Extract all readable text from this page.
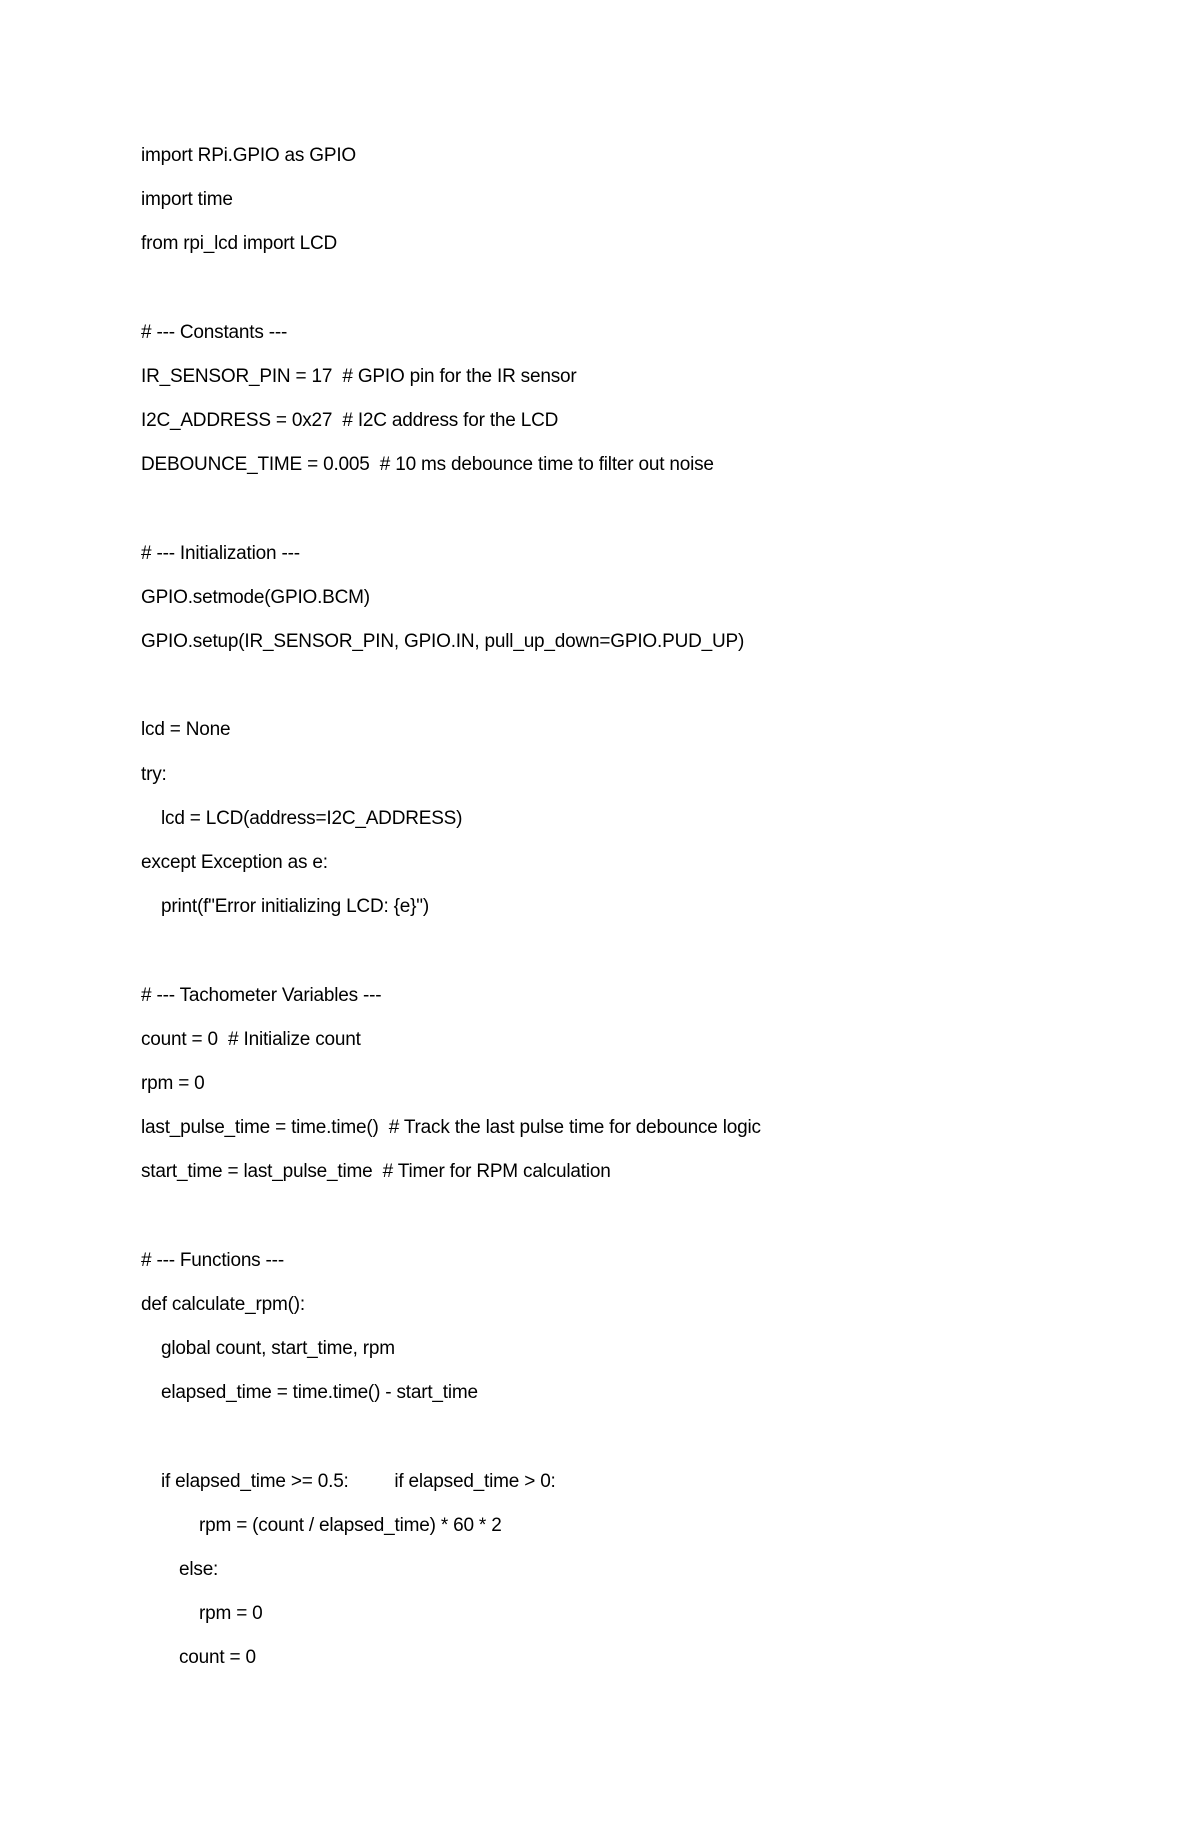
import RPi.GPIO as GPIO
import time
from rpi_lcd import LCD
# --- Constants ---
IR_SENSOR_PIN = 17  # GPIO pin for the IR sensor
I2C_ADDRESS = 0x27  # I2C address for the LCD
DEBOUNCE_TIME = 0.005  # 10 ms debounce time to filter out noise
# --- Initialization ---
GPIO.setmode(GPIO.BCM)
GPIO.setup(IR_SENSOR_PIN, GPIO.IN, pull_up_down=GPIO.PUD_UP)
lcd = None
try:
lcd = LCD(address=I2C_ADDRESS)
except Exception as e:
print(f"Error initializing LCD: {e}")
# --- Tachometer Variables ---
count = 0  # Initialize count
rpm = 0
last_pulse_time = time.time()  # Track the last pulse time for debounce logic
start_time = last_pulse_time  # Timer for RPM calculation
# --- Functions ---
def calculate_rpm():
global count, start_time, rpm
elapsed_time = time.time() - start_time
if elapsed_time >= 0.5:         if elapsed_time > 0:
rpm = (count / elapsed_time) * 60 * 2
else:
rpm = 0
count = 0
